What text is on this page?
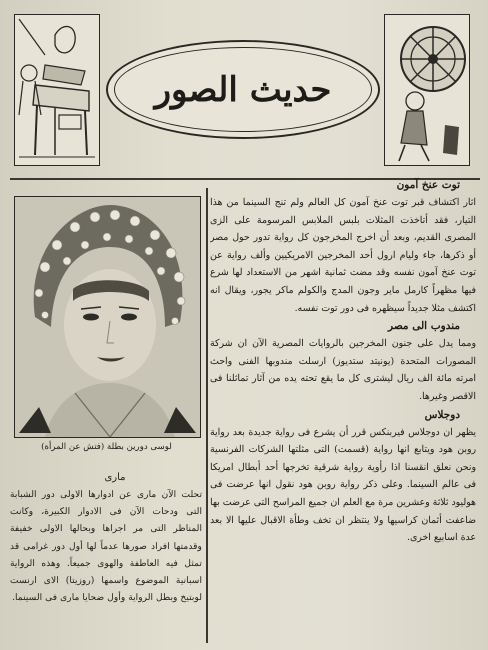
حديث الصور
توت عنخ آمون

اثار اكتشاف قبر توت عنخ آمون كل العالم ولم تنج السينما من هذا التيار، فقد أتاخذت المثلات بلبس الملابس المرسومة على الزى المصرى القديم، وبعد أن اخرج المخرجون كل رواية تدور حول مصر أو ذكرها، جاء وليام ارول أحد المخرجين الامريكيين وألف رواية عن توت عنخ آمون نفسه وقد مضت ثمانية اشهر من الاستعداد لها شرع فيها مظهراً كارمل ماير وجون المدج والكولم ماكر يجور، ويقال انه اكتشف مثلا جديداً سيظهره فى دور توت نفسه.

مندوب الى مصر

ومما يدل على جنون المخرجين بالروايات المصرية الآن ان شركة المصورات المتحدة (يونيتد ستديوز) ارسلت مندوبها الفنى واحث امرته مائة الف ريال ليشترى كل ما يقع تحته يده من آثار تماثلنا فى الاقصر وغيرها.

دوجلاس

يظهر ان دوجلاس فيربنكس قرر أن يشرع فى رواية جديدة بعد رواية روبن هود ويتابع انها رواية (قسمت) التى مثلتها الشركات الفرنسية ونحن نعلق انقسنا اذا رأوية رواية شرقية تخرجها أحد أبطال امريكا فى عالم السينما. وعلى ذكر رواية روبن هود نقول انها عرضت فى هوليود ثلاثة وعشرين مرة مع العلم ان جميع المراسح التى عرضت بها ضاعفت أثمان كراسيها ولا ينتظر ان تخف وطأة الاقبال عليها الا بعد عدة اسابيع اخرى.

لوسى دورين بطلة (فتش عن المرأة)
مارى

تحلت الآن مارى عن ادوارها الاولى دور الشبابة التى ودحات الآن فى الادوار الكبيرة، وكانت المناظر التى مر اجراها وبحالها الاولى خفيفة وقدمتها افراد صورها عدماً لها أول دور غرامى قد تمثل فيه العاطفة والهوى جميعاً. وهذه الرواية اسبانية الموضوع واسمها (روزيتا) الاى ارنست لوبتيخ وبطل الرواية وأول ضحايا مارى فى السينما.
